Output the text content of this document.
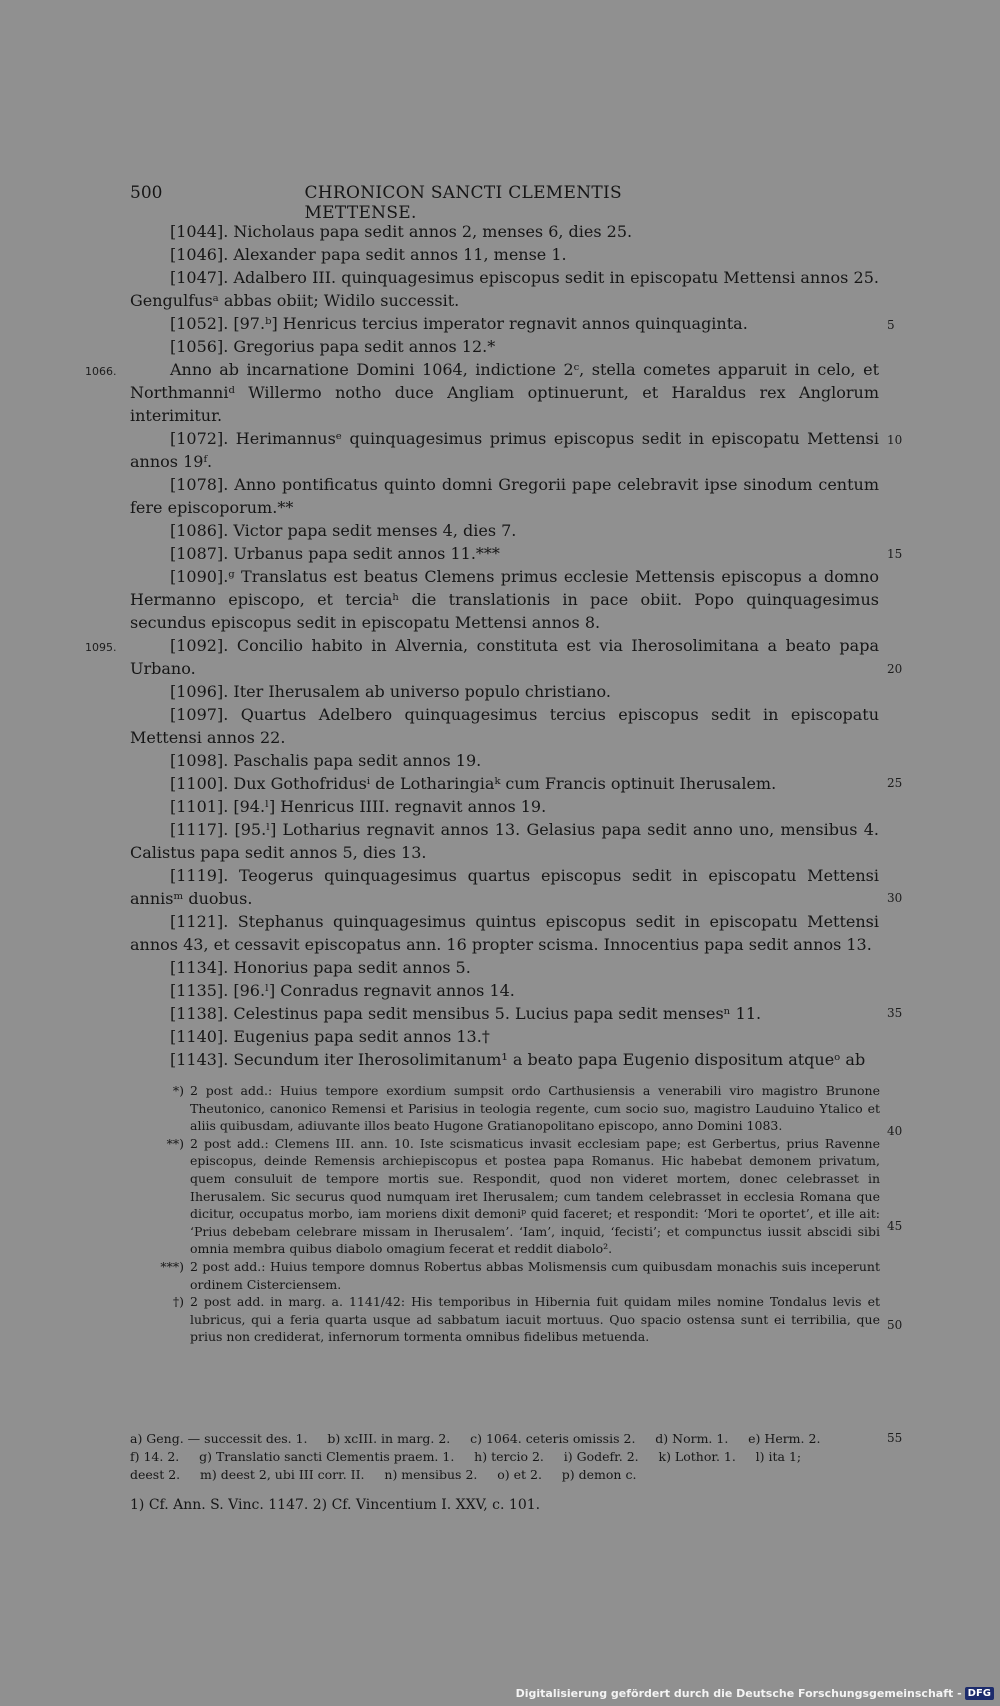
500	CHRONICON SANCTI CLEMENTIS METTENSE.

[1044]. Nicholaus papa sedit annos 2, menses 6, dies 25.

[1046]. Alexander papa sedit annos 11, mense 1.

[1047]. Adalbero III. quinquagesimus episcopus sedit in episcopatu Mettensi annos 25. Gengulfusᵃ abbas obiit; Widilo successit.

[1052]. [97.ᵇ] Henricus tercius imperator regnavit annos quinquaginta.

[1056]. Gregorius papa sedit annos 12.*

1066.	Anno ab incarnatione Domini 1064, indictione 2ᶜ, stella cometes apparuit in celo, et Northmanniᵈ Willermo notho duce Angliam optinuerunt, et Haraldus rex Anglorum interimitur.

[1072]. Herimannusᵉ quinquagesimus primus episcopus sedit in episcopatu Mettensi annos 19ᶠ.

[1078]. Anno pontificatus quinto domni Gregorii pape celebravit ipse sinodum centum fere episcoporum.**

[1086]. Victor papa sedit menses 4, dies 7.

[1087]. Urbanus papa sedit annos 11.***

[1090].ᵍ Translatus est beatus Clemens primus ecclesie Mettensis episcopus a domno Hermanno episcopo, et terciaʰ die translationis in pace obiit. Popo quinquagesimus secundus episcopus sedit in episcopatu Mettensi annos 8.

1095.	[1092]. Concilio habito in Alvernia, constituta est via Iherosolimitana a beato papa Urbano.

[1096]. Iter Iherusalem ab universo populo christiano.

[1097]. Quartus Adelbero quinquagesimus tercius episcopus sedit in episcopatu Mettensi annos 22.

[1098]. Paschalis papa sedit annos 19.

[1100]. Dux Gothofridusⁱ de Lotharingiaᵏ cum Francis optinuit Iherusalem.

[1101]. [94.ˡ] Henricus IIII. regnavit annos 19.

[1117]. [95.ˡ] Lotharius regnavit annos 13. Gelasius papa sedit anno uno, mensibus 4. Calistus papa sedit annos 5, dies 13.

[1119]. Teogerus quinquagesimus quartus episcopus sedit in episcopatu Mettensi annisᵐ duobus.

[1121]. Stephanus quinquagesimus quintus episcopus sedit in episcopatu Mettensi annos 43, et cessavit episcopatus ann. 16 propter scisma. Innocentius papa sedit annos 13.

[1134]. Honorius papa sedit annos 5.

[1135]. [96.ˡ] Conradus regnavit annos 14.

[1138]. Celestinus papa sedit mensibus 5. Lucius papa sedit mensesⁿ 11.

[1140]. Eugenius papa sedit annos 13.†

[1143]. Secundum iter Iherosolimitanum¹ a beato papa Eugenio dispositum atqueᵒ ab

5
10
15
20
25
30
35
40
45
50
55
*) 2 post add.: Huius tempore exordium sumpsit ordo Carthusiensis a venerabili viro magistro Brunone Theutonico, canonico Remensi et Parisius in teologia regente, cum socio suo, magistro Lauduino Ytalico et aliis quibusdam, adiuvante illos beato Hugone Gratianopolitano episcopo, anno Domini 1083.
**) 2 post add.: Clemens III. ann. 10. Iste scismaticus invasit ecclesiam pape; est Gerbertus, prius Ravenne episcopus, deinde Remensis archiepiscopus et postea papa Romanus. Hic habebat demonem privatum, quem consuluit de tempore mortis sue. Respondit, quod non videret mortem, donec celebrasset in Iherusalem. Sic securus quod numquam iret Iherusalem; cum tandem celebrasset in ecclesia Romana que dicitur, occupatus morbo, iam moriens dixit demoniᵖ quid faceret; et respondit: ‘Mori te oportet’, et ille ait: ‘Prius debebam celebrare missam in Iherusalem’. ‘Iam’, inquid, ‘fecisti’; et compunctus iussit abscidi sibi omnia membra quibus diabolo omagium fecerat et reddit diabolo².
***) 2 post add.: Huius tempore domnus Robertus abbas Molismensis cum quibusdam monachis suis inceperunt ordinem Cisterciensem.
†) 2 post add. in marg. a. 1141/42: His temporibus in Hibernia fuit quidam miles nomine Tondalus levis et lubricus, qui a feria quarta usque ad sabbatum iacuit mortuus. Quo spacio ostensa sunt ei terribilia, que prius non crediderat, infernorum tormenta omnibus fidelibus metuenda.
a) Geng. — successit des. 1.     b) xcIII. in marg. 2.     c) 1064. ceteris omissis 2.     d) Norm. 1.     e) Herm. 2.
f) 14. 2.     g) Translatio sancti Clementis praem. 1.     h) tercio 2.     i) Godefr. 2.     k) Lothor. 1.     l) ita 1;
deest 2.     m) deest 2, ubi III corr. II.     n) mensibus 2.     o) et 2.     p) demon c.
1) Cf. Ann. S. Vinc. 1147. 2) Cf. Vincentium I. XXV, c. 101.
Digitalisierung gefördert durch die Deutsche Forschungsgemeinschaft - DFG
